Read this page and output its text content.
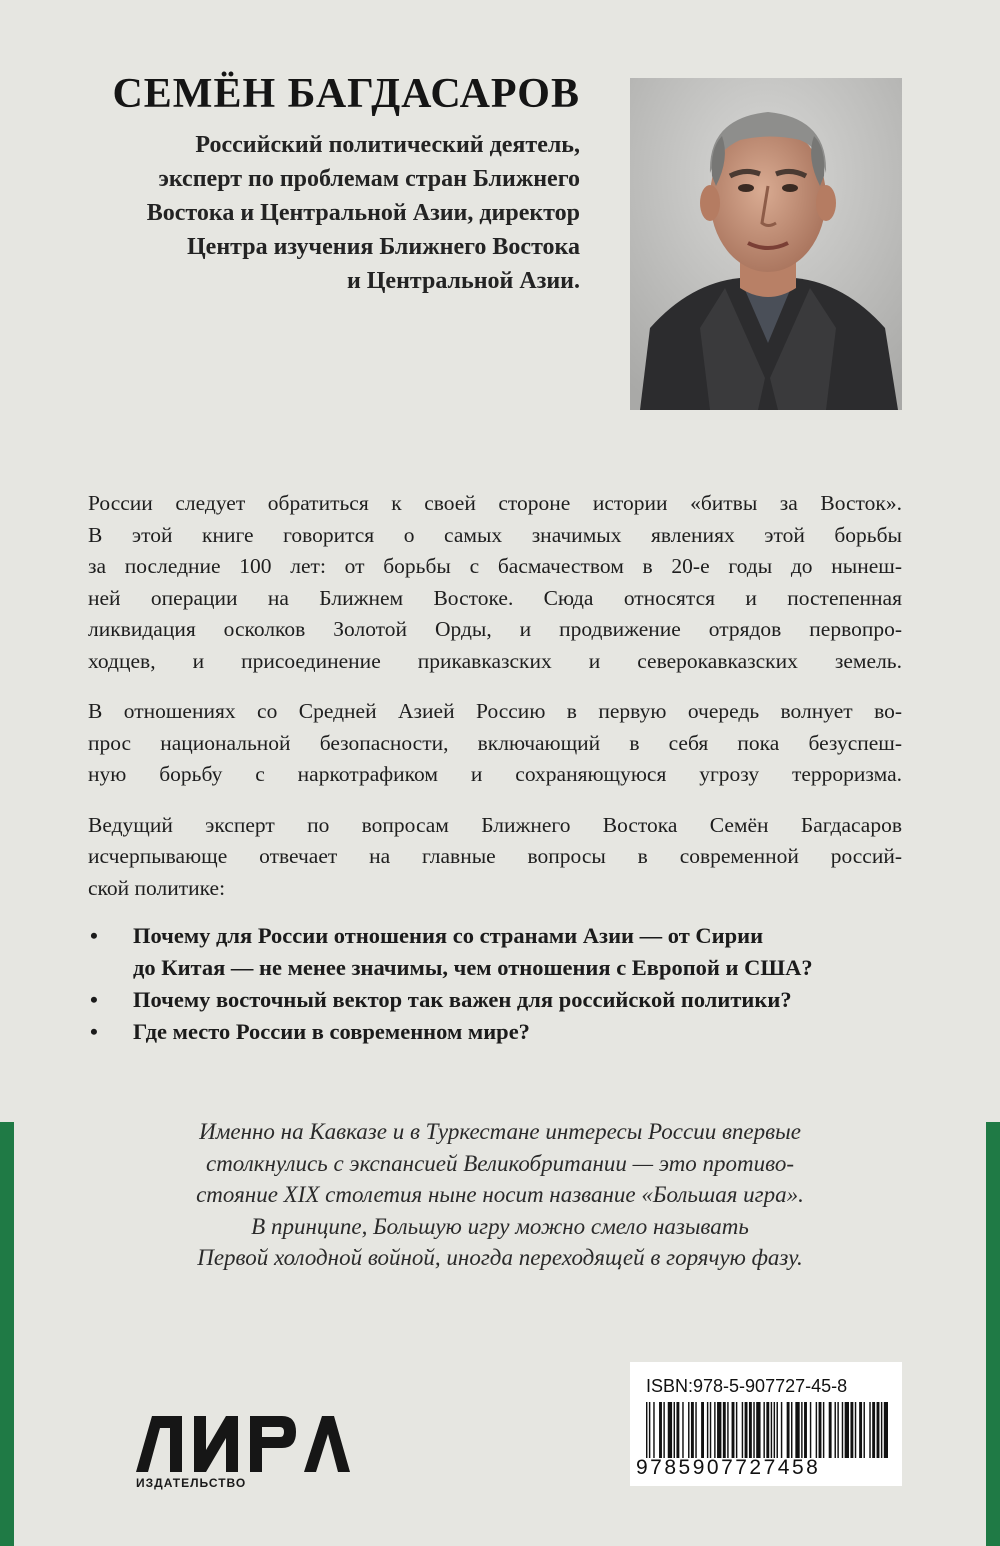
СЕМЁН БАГДАСАРОВ
Российский политический деятель,
эксперт по проблемам стран Ближнего
Востока и Центральной Азии, директор
Центра изучения Ближнего Востока
и Центральной Азии.

России следует обратиться к своей стороне истории «битвы за Восток».
В этой книге говорится о самых значимых явлениях этой борьбы
за последние 100 лет: от борьбы с басмачеством в 20-е годы до нынеш-
ней операции на Ближнем Востоке. Сюда относятся и постепенная
ликвидация осколков Золотой Орды, и продвижение отрядов первопро-
ходцев, и присоединение прикавказских и северокавказских земель.

В отношениях со Средней Азией Россию в первую очередь волнует во-
прос национальной безопасности, включающий в себя пока безуспеш-
ную борьбу с наркотрафиком и сохраняющуюся угрозу терроризма.

Ведущий эксперт по вопросам Ближнего Востока Семён Багдасаров
исчерпывающе отвечает на главные вопросы в современной россий-
ской политике:

• Почему для России отношения со странами Азии — от Сирии
до Китая — не менее значимы, чем отношения с Европой и США?
• Почему восточный вектор так важен для российской политики?
• Где место России в современном мире?
Именно на Кавказе и в Туркестане интересы России впервые
столкнулись с экспансией Великобритании — это противо-
стояние XIX столетия ныне носит название «Большая игра».
В принципе, Большую игру можно смело называть
Первой холодной войной, иногда переходящей в горячую фазу.
ИЗДАТЕЛЬСТВО
ISBN:978-5-907727-45-8
9785907727458
